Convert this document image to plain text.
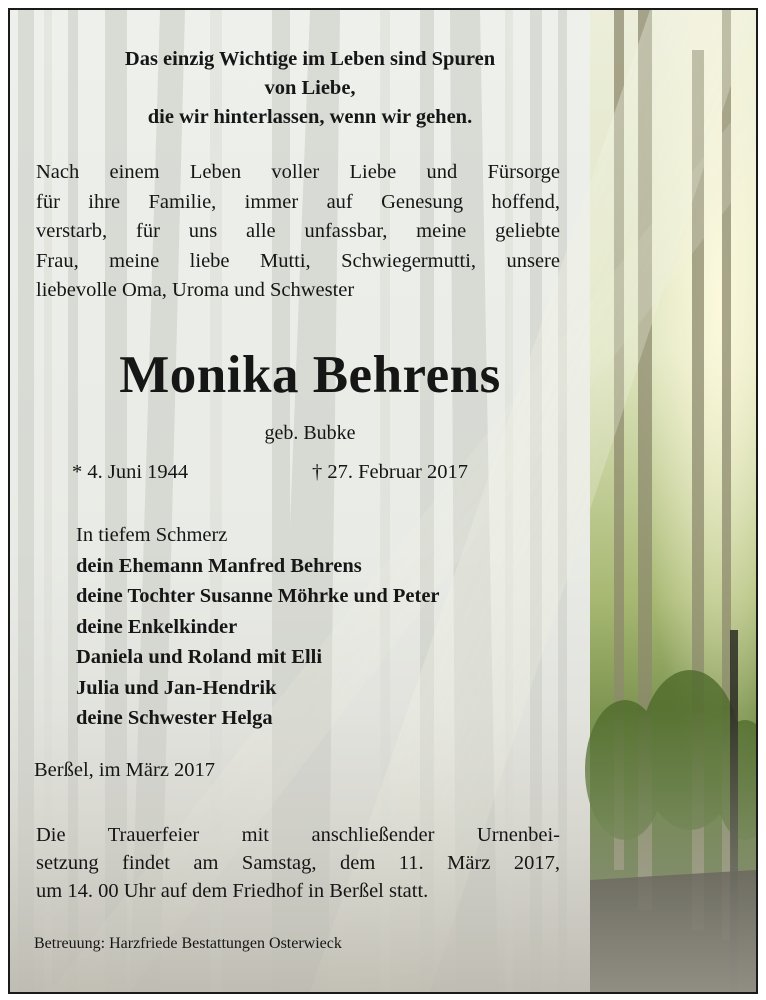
Das einzig Wichtige im Leben sind Spuren
von Liebe,
die wir hinterlassen, wenn wir gehen.
Nach einem Leben voller Liebe und Fürsorge
für ihre Familie, immer auf Genesung hoffend,
verstarb, für uns alle unfassbar, meine geliebte
Frau, meine liebe Mutti, Schwiegermutti, unsere
liebevolle Oma, Uroma und Schwester
Monika Behrens
geb. Bubke
* 4. Juni 1944	† 27. Februar 2017
In tiefem Schmerz
dein Ehemann Manfred Behrens
deine Tochter Susanne Möhrke und Peter
deine Enkelkinder
Daniela und Roland mit Elli
Julia und Jan-Hendrik
deine Schwester Helga
Berßel, im März 2017
Die Trauerfeier mit anschließender Urnenbei-
setzung findet am Samstag, dem 11. März 2017,
um 14. 00 Uhr auf dem Friedhof in Berßel statt.
Betreuung: Harzfriede Bestattungen Osterwieck
